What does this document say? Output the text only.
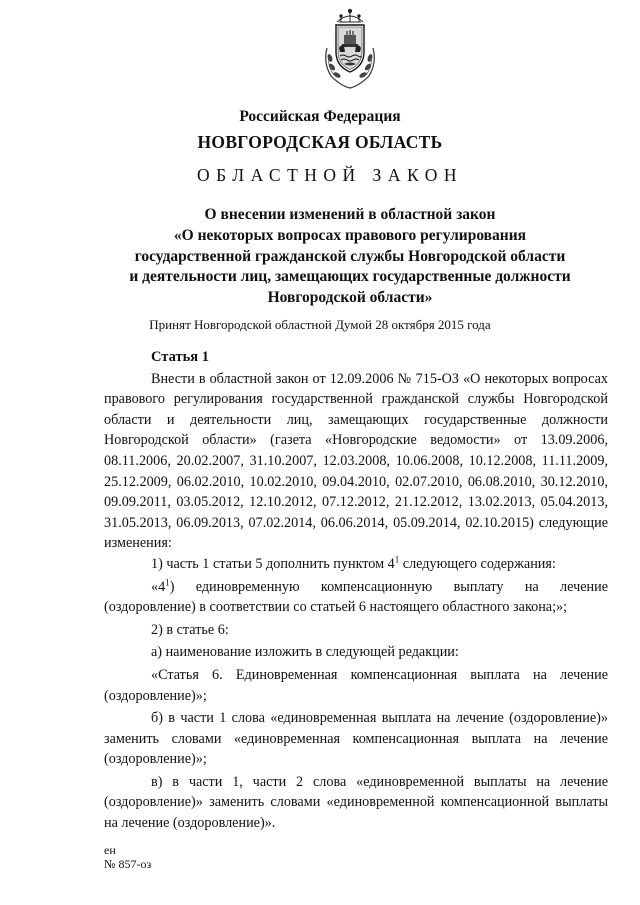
Российская Федерация
НОВГОРОДСКАЯ ОБЛАСТЬ
ОБЛАСТНОЙ ЗАКОН
О внесении изменений в областной закон
«О некоторых вопросах правового регулирования
государственной гражданской службы Новгородской области
и деятельности лиц, замещающих государственные должности
Новгородской области»
Принят Новгородской областной Думой 28 октября 2015 года
Статья 1

Внести в областной закон от 12.09.2006 № 715-ОЗ «О некоторых вопросах правового регулирования государственной гражданской службы Новгородской области и деятельности лиц, замещающих государственные должности Новгородской области» (газета «Новгородские ведомости» от 13.09.2006, 08.11.2006, 20.02.2007, 31.10.2007, 12.03.2008, 10.06.2008, 10.12.2008, 11.11.2009, 25.12.2009, 06.02.2010, 10.02.2010, 09.04.2010, 02.07.2010, 06.08.2010, 30.12.2010, 09.09.2011, 03.05.2012, 12.10.2012, 07.12.2012, 21.12.2012, 13.02.2013, 05.04.2013, 31.05.2013, 06.09.2013, 07.02.2014, 06.06.2014, 05.09.2014, 02.10.2015) следующие изменения:

1) часть 1 статьи 5 дополнить пунктом $4^1$ следующего содержания:

«$4^1$) единовременную компенсационную выплату на лечение (оздоровление) в соответствии со статьей 6 настоящего областного закона;»;

2) в статье 6:

а) наименование изложить в следующей редакции:

«Статья 6. Единовременная компенсационная выплата на лечение (оздоровление)»;

б) в части 1 слова «единовременная выплата на лечение (оздоровление)» заменить словами «единовременная компенсационная выплата на лечение (оздоровление)»;

в) в части 1, части 2 слова «единовременной выплаты на лечение (оздоровление)» заменить словами «единовременной компенсационной выплаты на лечение (оздоровление)».

ен
№ 857-оз
